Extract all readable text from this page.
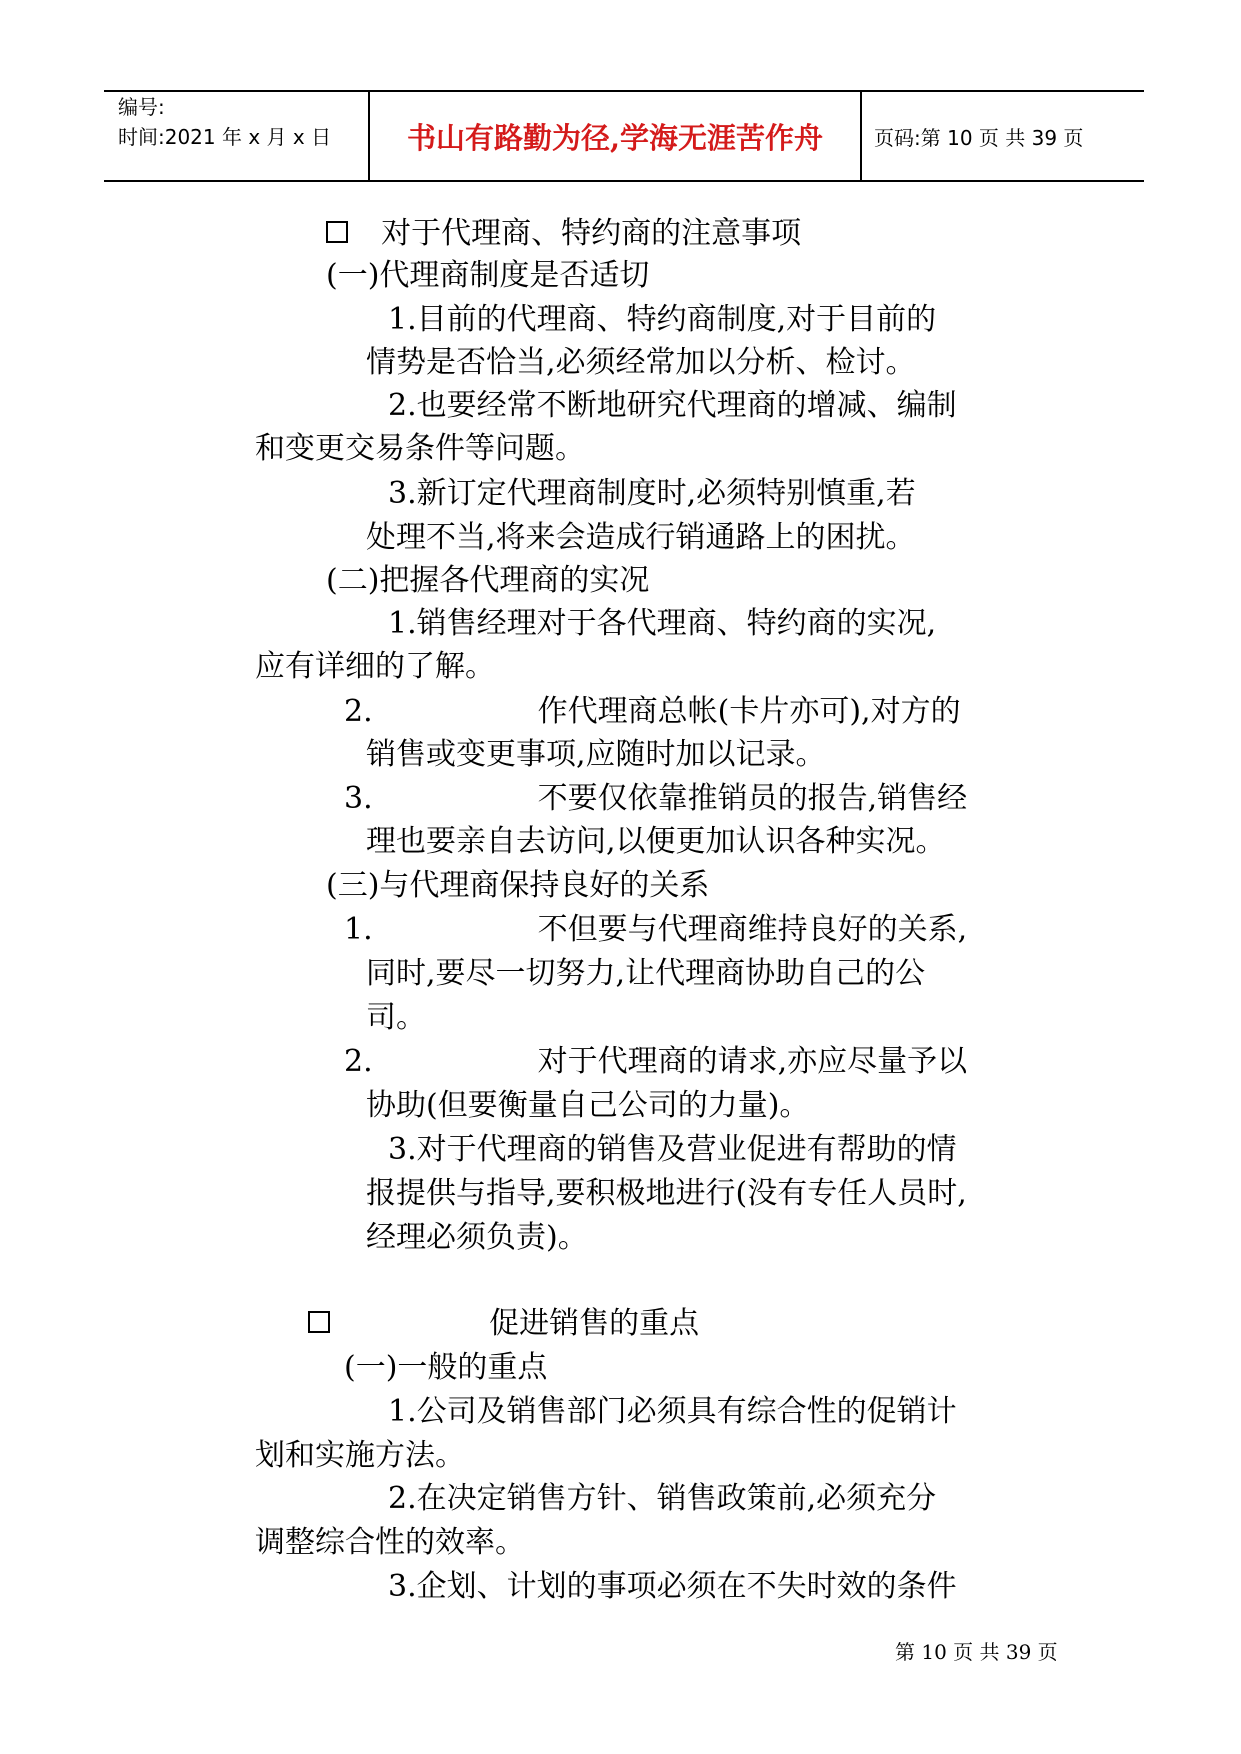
编号:
时间:2021 年 x 月 x 日	书山有路勤为径,学海无涯苦作舟	页码:第 10 页 共 39 页
对于代理商、特约商的注意事项
(一)代理商制度是否适切
1.目前的代理商、特约商制度,对于目前的
情势是否恰当,必须经常加以分析、检讨。
2.也要经常不断地研究代理商的增减、编制
和变更交易条件等问题。
3.新订定代理商制度时,必须特别慎重,若
处理不当,将来会造成行销通路上的困扰。
(二)把握各代理商的实况
1.销售经理对于各代理商、特约商的实况,
应有详细的了解。
2.	作代理商总帐(卡片亦可),对方的
销售或变更事项,应随时加以记录。
3.	不要仅依靠推销员的报告,销售经
理也要亲自去访问,以便更加认识各种实况。
(三)与代理商保持良好的关系
1.	不但要与代理商维持良好的关系,
同时,要尽一切努力,让代理商协助自己的公
司。
2.	对于代理商的请求,亦应尽量予以
协助(但要衡量自己公司的力量)。
3.对于代理商的销售及营业促进有帮助的情
报提供与指导,要积极地进行(没有专任人员时,
经理必须负责)。
促进销售的重点
(一)一般的重点
1.公司及销售部门必须具有综合性的促销计
划和实施方法。
2.在决定销售方针、销售政策前,必须充分
调整综合性的效率。
3.企划、计划的事项必须在不失时效的条件
第 10 页 共 39 页
